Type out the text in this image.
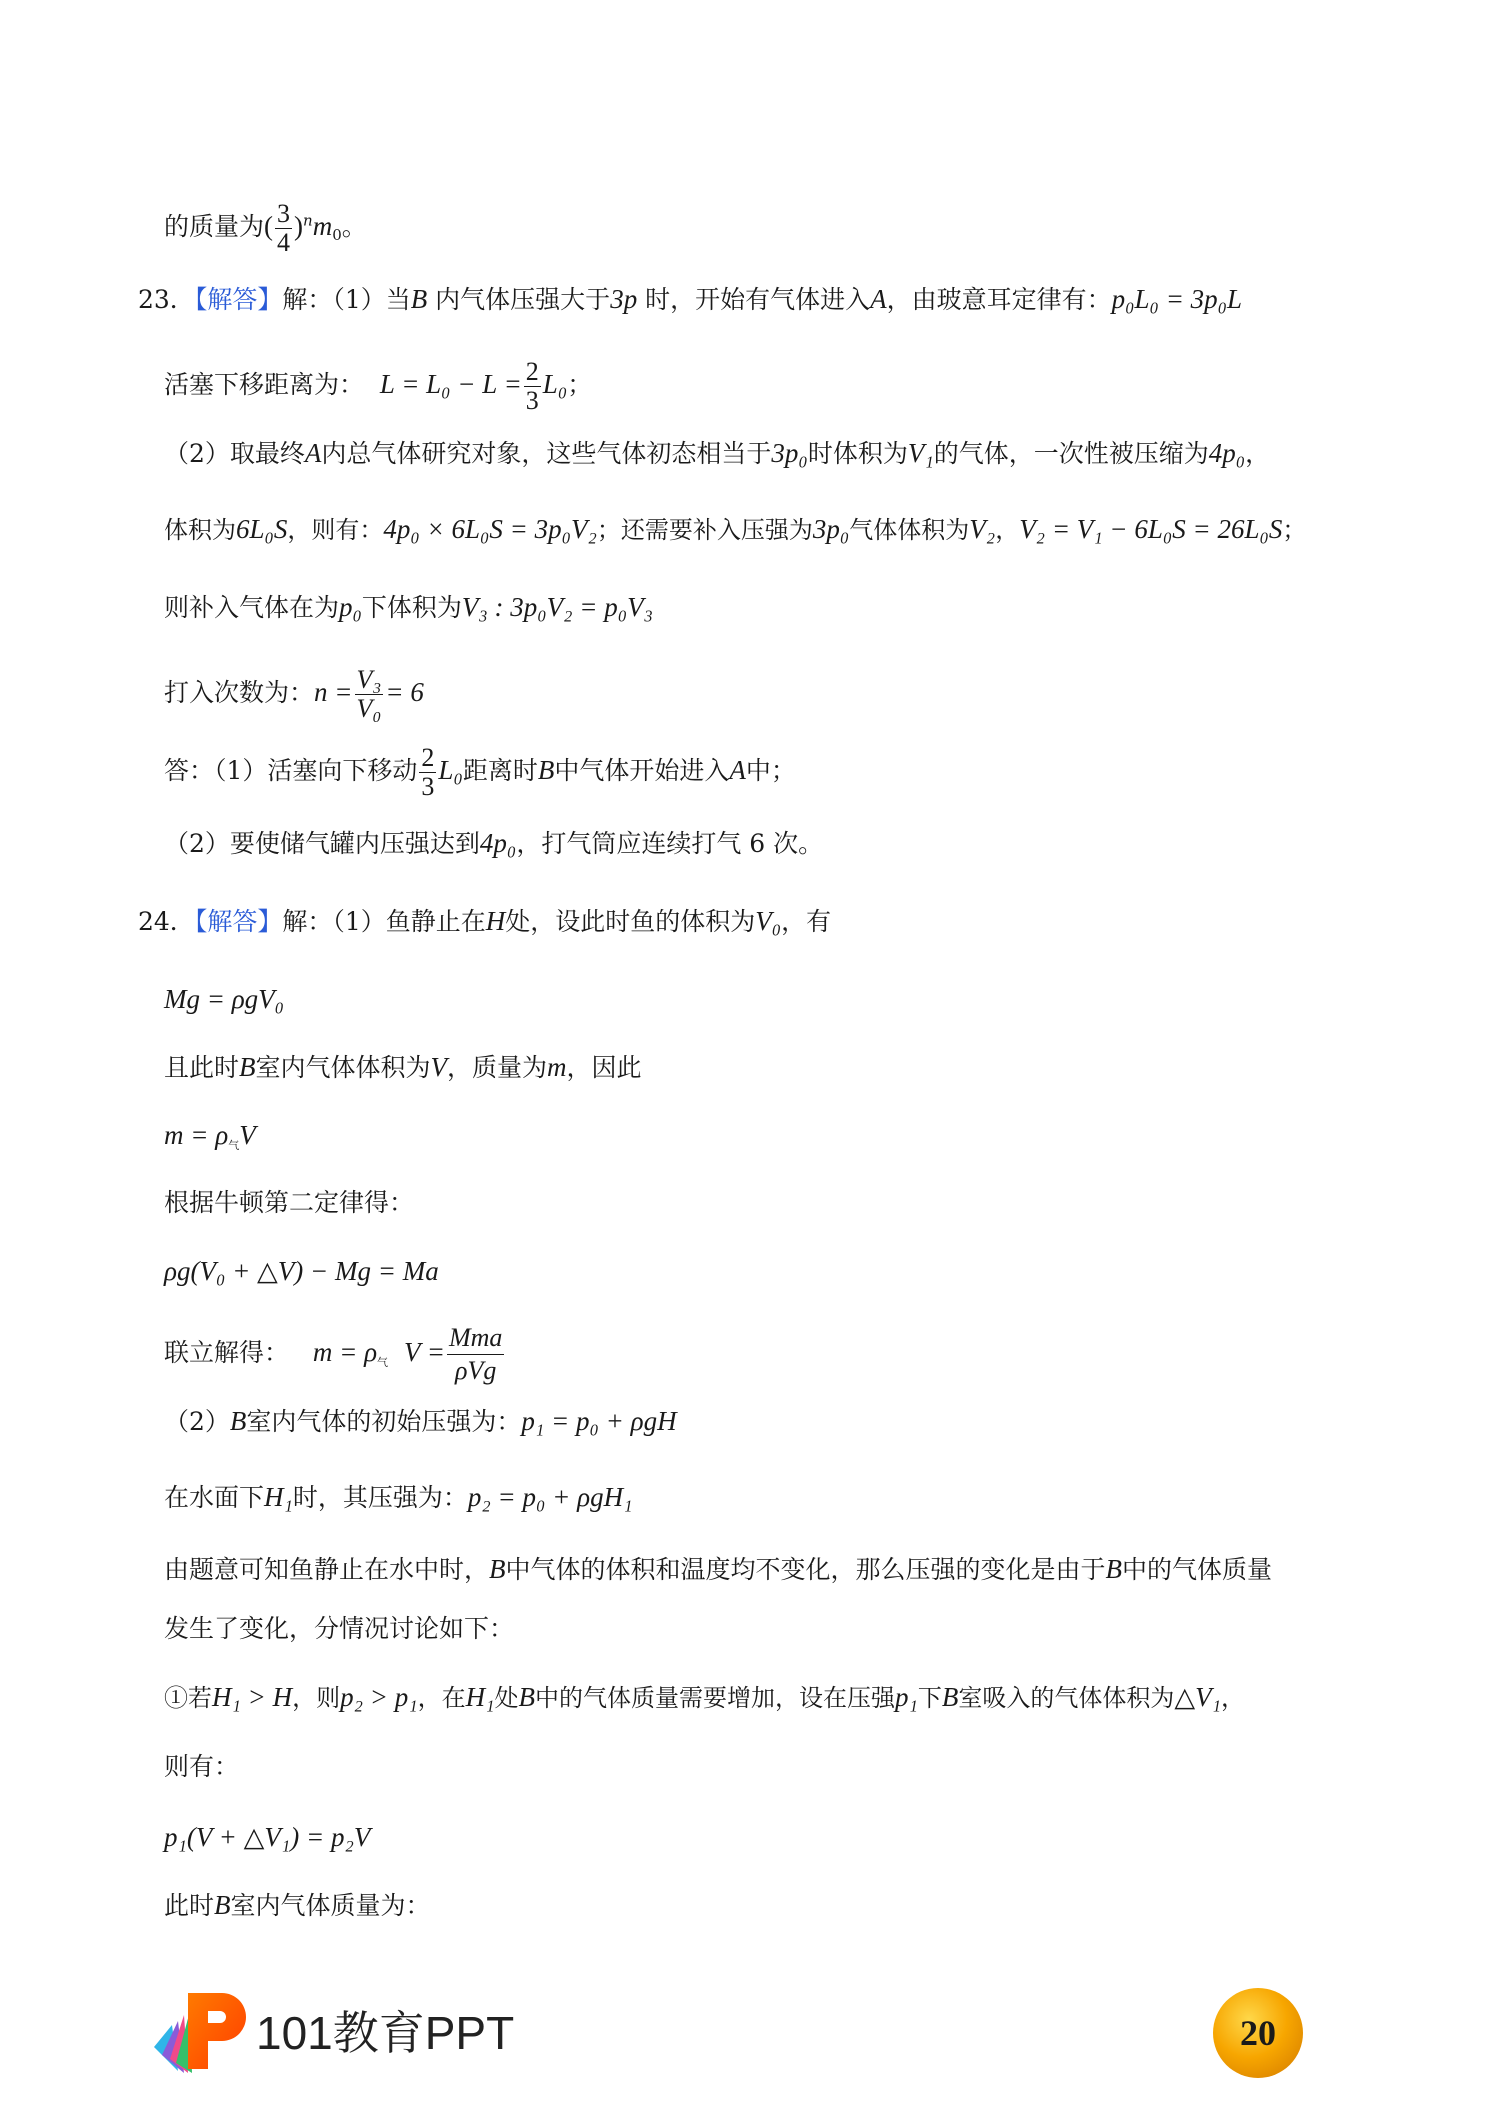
的质量为( $\frac{3}{4} )^nm_0$。
23．【解答】解：（1）当B 内气体压强大于3p 时，开始有气体进入A，由玻意耳定律有：p₀L₀ = 3p₀L
活塞下移距离为： $L = L_0 - L = \frac{2}{3} L_0$；
（2）取最终A内总气体研究对象，这些气体初态相当于3p₀时体积为V₁的气体，一次性被压缩为4p₀，
体积为6L₀S，则有：4p₀ × 6L₀S = 3p₀V₂；还需要补入压强为3p₀气体体积为V₂，V₂ = V₁ − 6L₀S = 26L₀S；
则补入气体在为p₀下体积为V₃ : 3p₀V₂ = p₀V₃
打入次数为：$n = \frac{\text{V₃}}{\text{V₀}} = 6$
答：（1）活塞向下移动 $\frac{2}{3} L_0$距离时B中气体开始进入A中；
（2）要使储气罐内压强达到4p₀，打气筒应连续打气 6 次。
24．【解答】解：（1）鱼静止在H处，设此时鱼的体积为V₀，有
Mg = ρgV₀
且此时B室内气体体积为V，质量为m，因此
$m = \rho_气V$
根据牛顿第二定律得：
ρg(V₀ + △V) − Mg = Ma
联立解得： $m = \rho_气$ $V = \frac{\text{Mma}}{\text{ρVg}}$
（2）B室内气体的初始压强为：p₁ = p₀ + ρgH
在水面下H₁时，其压强为：p₂ = p₀ + ρgH₁
由题意可知鱼静止在水中时，B中气体的体积和温度均不变化，那么压强的变化是由于B中的气体质量
发生了变化，分情况讨论如下：
①若H₁ > H，则p₂ > p₁，在H₁处B中的气体质量需要增加，设在压强p₁下B室吸入的气体体积为△V₁，
则有：
p₁(V + △V₁) = p₂V
此时B室内气体质量为：
101教育PPT	20
